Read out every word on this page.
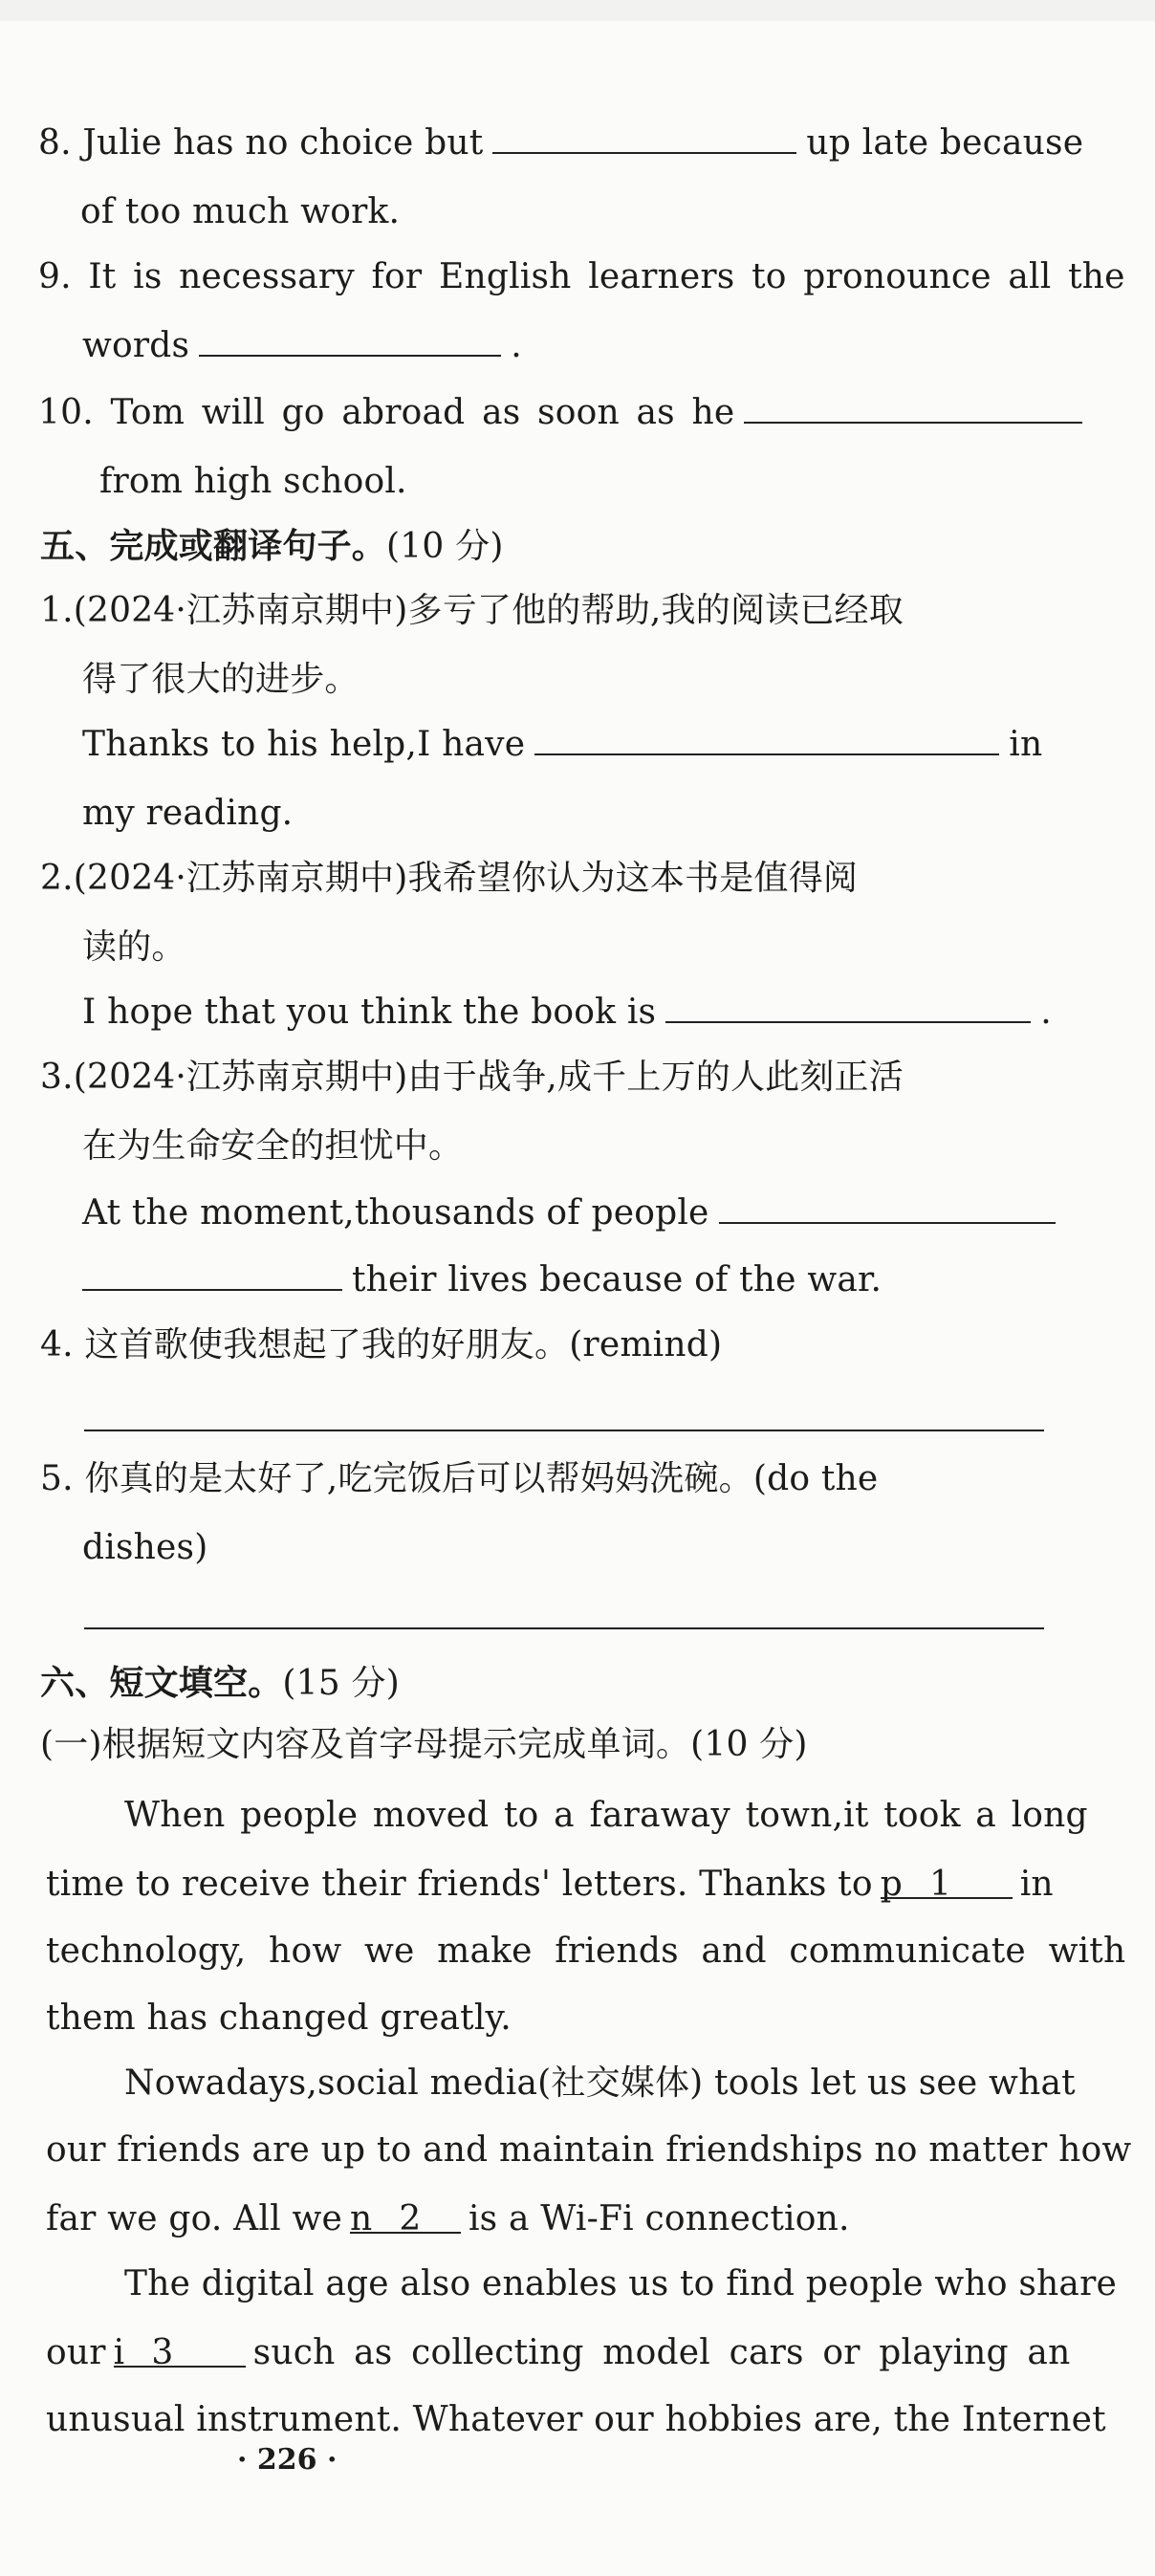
8. Julie has no choice but	up late because
of too much work.
9. It is necessary for English learners to pronounce all the
words	.
10. Tom will go abroad as soon as he
from high school.
五、完成或翻译句子。(10 分)
1.(2024·江苏南京期中)多亏了他的帮助,我的阅读已经取
得了很大的进步。
Thanks to his help,I have	in
my reading.
2.(2024·江苏南京期中)我希望你认为这本书是值得阅
读的。
I hope that you think the book is	.
3.(2024·江苏南京期中)由于战争,成千上万的人此刻正活
在为生命安全的担忧中。
At the moment,thousands of people
their lives because of the war.
4. 这首歌使我想起了我的好朋友。(remind)
5. 你真的是太好了,吃完饭后可以帮妈妈洗碗。(do the
dishes)
六、短文填空。(15 分)
(一)根据短文内容及首字母提示完成单词。(10 分)
When people moved to a faraway town,it took a long
time to receive their friends' letters. Thanks to p 1 in
technology, how we make friends and communicate with
them has changed greatly.
Nowadays,social media(社交媒体) tools let us see what
our friends are up to and maintain friendships no matter how
far we go. All we n 2 is a Wi-Fi connection.
The digital age also enables us to find people who share
our i 3 such as collecting model cars or playing an
unusual instrument. Whatever our hobbies are, the Internet
· 226 ·
